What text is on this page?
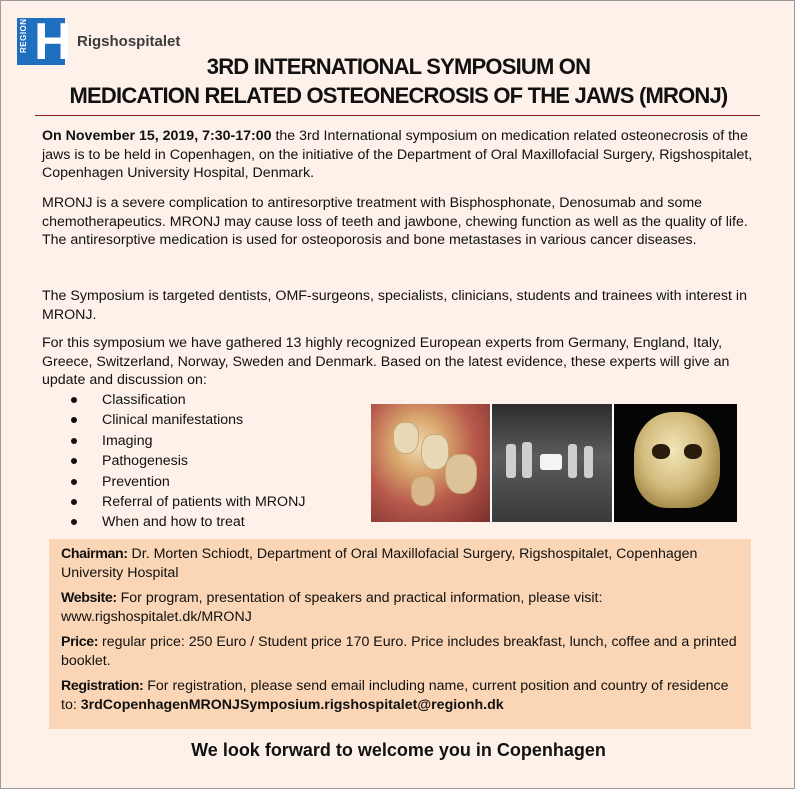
REGION H Rigshospitalet
3RD INTERNATIONAL SYMPOSIUM ON
MEDICATION RELATED OSTEONECROSIS OF THE JAWS (MRONJ)

On November 15, 2019, 7:30-17:00 the 3rd International symposium on medication related osteonecrosis of the jaws is to be held in Copenhagen, on the initiative of the Department of Oral Maxillofacial Surgery, Rigshospitalet, Copenhagen University Hospital, Denmark.

MRONJ is a severe complication to antiresorptive treatment with Bisphosphonate, Denosumab and some chemotherapeutics. MRONJ may cause loss of teeth and jawbone, chewing function as well as the quality of life. The antiresorptive medication is used for osteoporosis and bone metastases in various cancer diseases.

The Symposium is targeted dentists, OMF-surgeons, specialists, clinicians, students and trainees with interest in MRONJ.

For this symposium we have gathered 13 highly recognized European experts from Germany, England, Italy, Greece, Switzerland, Norway, Sweden and Denmark. Based on the latest evidence, these experts will give an update and discussion on:

Classification
Clinical manifestations
Imaging
Pathogenesis
Prevention
Referral of patients with MRONJ
When and how to treat

Chairman: Dr. Morten Schiodt, Department of Oral Maxillofacial Surgery, Rigshospitalet, Copenhagen University Hospital

Website: For program, presentation of speakers and practical information, please visit: www.rigshospitalet.dk/MRONJ

Price: regular price: 250 Euro / Student price 170 Euro. Price includes breakfast, lunch, coffee and a printed booklet.

Registration: For registration, please send email including name, current position and country of residence to: 3rdCopenhagenMRONJSymposium.rigshospitalet@regionh.dk

We look forward to welcome you in Copenhagen
